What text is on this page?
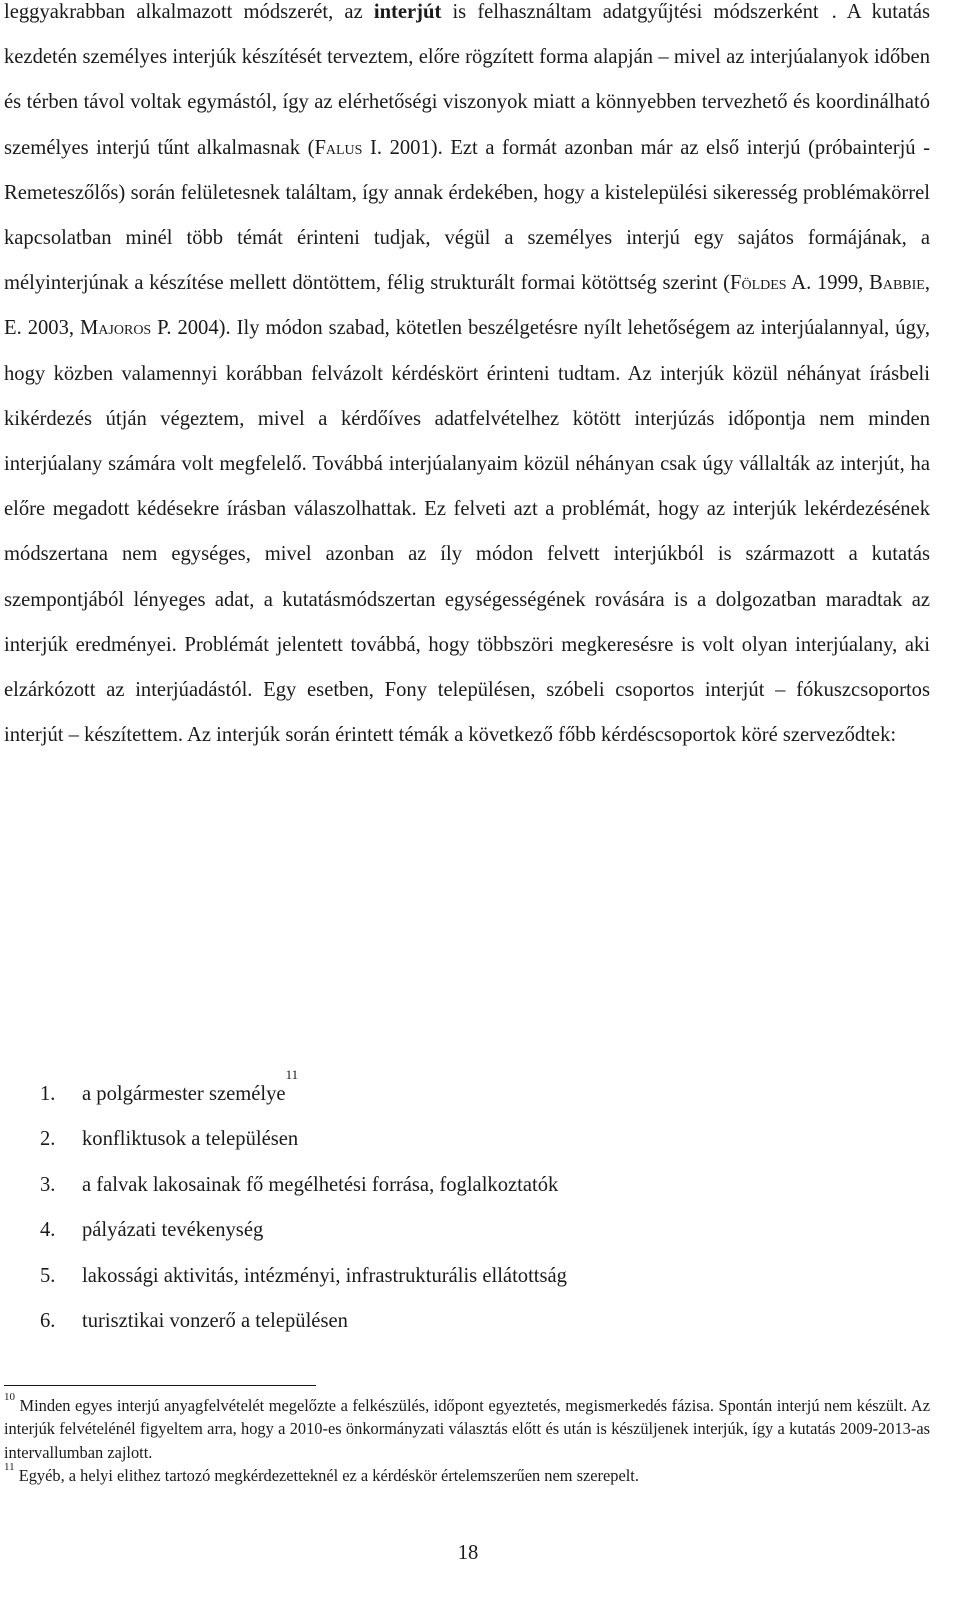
leggyakrabban alkalmazott módszerét, az interjút is felhasználtam adatgyűjtési módszerként . A kutatás kezdetén személyes interjúk készítését terveztem, előre rögzített forma alapján – mivel az interjúalanyok időben és térben távol voltak egymástól, így az elérhetőségi viszonyok miatt a könnyebben tervezhető és koordinálható személyes interjú tűnt alkalmasnak (Falus I. 2001). Ezt a formát azonban már az első interjú (próbainterjú - Remeteszőlős) során felületesnek találtam, így annak érdekében, hogy a kistelepülési sikeresség problémakörrel kapcsolatban minél több témát érinteni tudjak, végül a személyes interjú egy sajátos formájának, a mélyinterjúnak a készítése mellett döntöttem, félig strukturált formai kötöttség szerint (Földes A. 1999, Babbie, E. 2003, Majoros P. 2004). Ily módon szabad, kötetlen beszélgetésre nyílt lehetőségem az interjúalannyal, úgy, hogy közben valamennyi korábban felvázolt kérdéskört érinteni tudtam. Az interjúk közül néhányat írásbeli kikérdezés útján végeztem, mivel a kérdőíves adatfelvételhez kötött interjúzás időpontja nem minden interjúalany számára volt megfelelő. Továbbá interjúalanyaim közül néhányan csak úgy vállalták az interjút, ha előre megadott kédésekre írásban válaszolhattak. Ez felveti azt a problémát, hogy az interjúk lekérdezésének módszertana nem egységes, mivel azonban az íly módon felvett interjúkból is származott a kutatás szempontjából lényeges adat, a kutatásmódszertan egységességének rovására is a dolgozatban maradtak az interjúk eredményei. Problémát jelentett továbbá, hogy többszöri megkeresésre is volt olyan interjúalany, aki elzárkózott az interjúadástól. Egy esetben, Fony településen, szóbeli csoportos interjút – fókuszcsoportos interjút – készítettem. Az interjúk során érintett témák a következő főbb kérdéscsoportok köré szerveződtek:

1. a polgármester személye$^{11}$
2. konfliktusok a településen
3. a falvak lakosainak fő megélhetési forrása, foglalkoztatók
4. pályázati tevékenység
5. lakossági aktivitás, intézményi, infrastrukturális ellátottság
6. turisztikai vonzerő a településen

$^{10}$ Minden egyes interjú anyagfelvételét megelőzte a felkészülés, időpont egyeztetés, megismerkedés fázisa. Spontán interjú nem készült. Az interjúk felvételénél figyeltem arra, hogy a 2010-es önkormányzati választás előtt és után is készüljenek interjúk, így a kutatás 2009-2013-as intervallumban zajlott.

$^{11}$ Egyéb, a helyi elithez tartozó megkérdezetteknél ez a kérdéskör értelemszerűen nem szerepelt.

18
